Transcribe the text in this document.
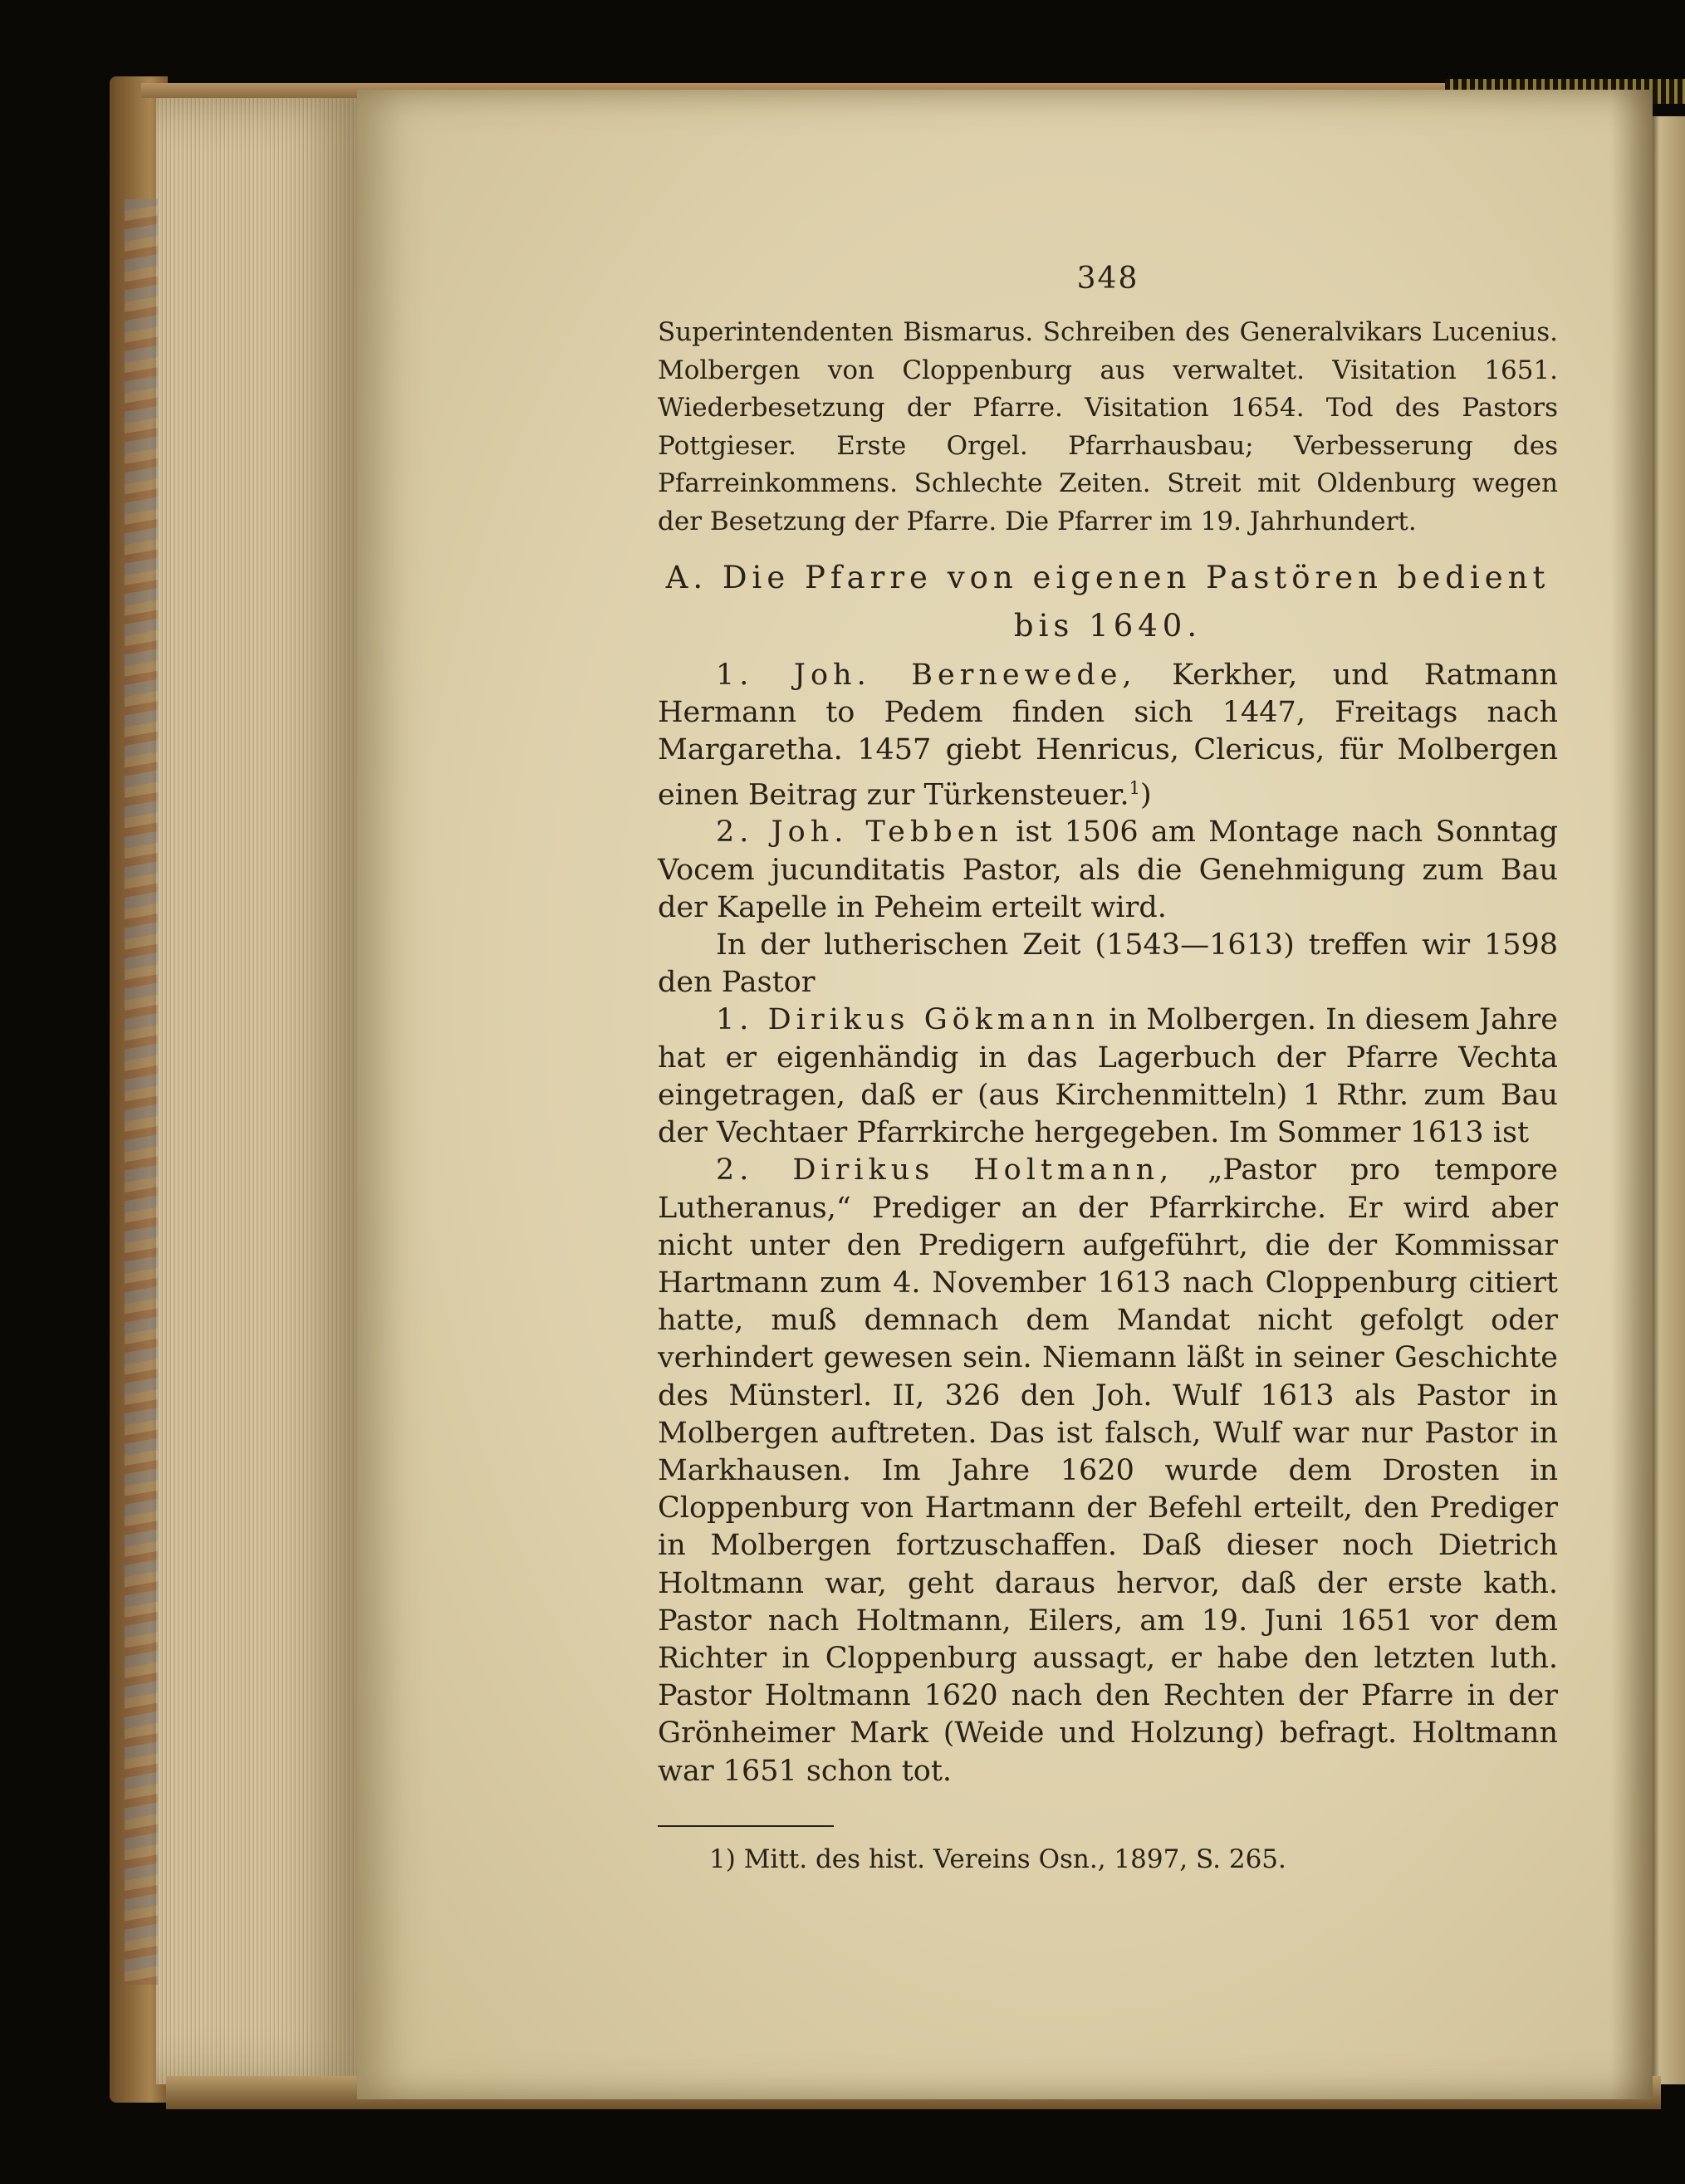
348

Superintendenten Bismarus. Schreiben des Generalvikars Lucenius. Molbergen von Cloppenburg aus verwaltet. Visitation 1651. Wiederbesetzung der Pfarre. Visitation 1654. Tod des Pastors Pottgieser. Erste Orgel. Pfarrhausbau; Verbesserung des Pfarreinkommens. Schlechte Zeiten. Streit mit Oldenburg wegen der Besetzung der Pfarre. Die Pfarrer im 19. Jahrhundert.

A. Die Pfarre von eigenen Pastören bedient
bis 1640.

1. Joh. Bernewede, Kerkher, und Ratmann Hermann to Pedem finden sich 1447, Freitags nach Margaretha. 1457 giebt Henricus, Clericus, für Molbergen einen Beitrag zur Türkensteuer.$^1$)

2. Joh. Tebben ist 1506 am Montage nach Sonntag Vocem jucunditatis Pastor, als die Genehmigung zum Bau der Kapelle in Peheim erteilt wird.

In der lutherischen Zeit (1543—1613) treffen wir 1598 den Pastor

1. Dirikus Gökmann in Molbergen. In diesem Jahre hat er eigenhändig in das Lagerbuch der Pfarre Vechta eingetragen, daß er (aus Kirchenmitteln) 1 Rthr. zum Bau der Vechtaer Pfarrkirche hergegeben. Im Sommer 1613 ist

2. Dirikus Holtmann, „Pastor pro tempore Lutheranus,“ Prediger an der Pfarrkirche. Er wird aber nicht unter den Predigern aufgeführt, die der Kommissar Hartmann zum 4. November 1613 nach Cloppenburg citiert hatte, muß demnach dem Mandat nicht gefolgt oder verhindert gewesen sein. Niemann läßt in seiner Geschichte des Münsterl. II, 326 den Joh. Wulf 1613 als Pastor in Molbergen auftreten. Das ist falsch, Wulf war nur Pastor in Markhausen. Im Jahre 1620 wurde dem Drosten in Cloppenburg von Hartmann der Befehl erteilt, den Prediger in Molbergen fortzuschaffen. Daß dieser noch Dietrich Holtmann war, geht daraus hervor, daß der erste kath. Pastor nach Holtmann, Eilers, am 19. Juni 1651 vor dem Richter in Cloppenburg aussagt, er habe den letzten luth. Pastor Holtmann 1620 nach den Rechten der Pfarre in der Grönheimer Mark (Weide und Holzung) befragt. Holtmann war 1651 schon tot.

1) Mitt. des hist. Vereins Osn., 1897, S. 265.
